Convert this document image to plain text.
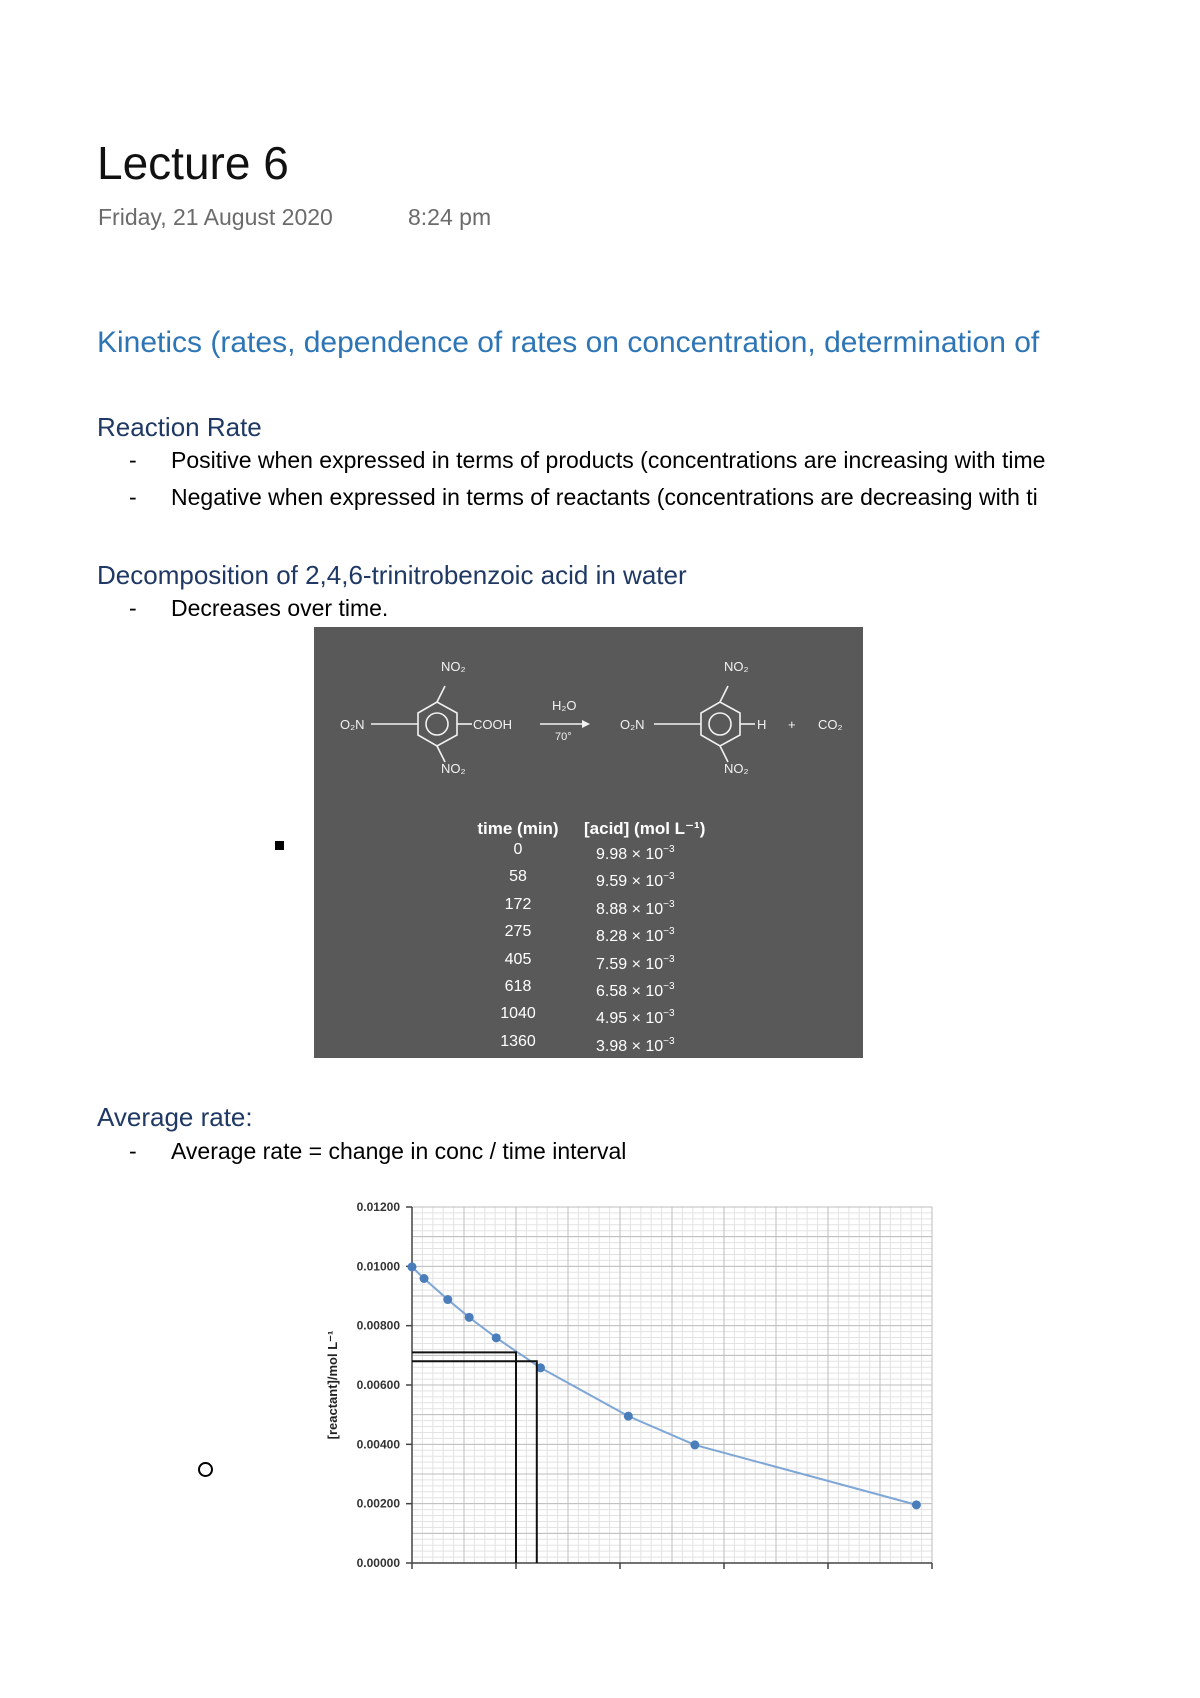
Lecture 6
Friday, 21 August 2020	8:24 pm
Kinetics (rates, dependence of rates on concentration, determination of
Reaction Rate
- Positive when expressed in terms of products (concentrations are increasing with time
- Negative when expressed in terms of reactants (concentrations are decreasing with ti
Decomposition of 2,4,6-trinitrobenzoic acid in water
- Decreases over time.
O₂N
NO₂
NO₂
COOH
H₂O
70°
O₂N
NO₂
NO₂
H + CO₂
time (min)	[acid] (mol L⁻¹)
0	$9.98 \times 10^{-3}$
58	$9.59 \times 10^{-3}$
172	$8.88 \times 10^{-3}$
275	$8.28 \times 10^{-3}$
405	$7.59 \times 10^{-3}$
618	$6.58 \times 10^{-3}$
1040	$4.95 \times 10^{-3}$
1360	$3.98 \times 10^{-3}$
2425	$1.96 \times 10^{-3}$
Average rate:
- Average rate = change in conc / time interval
[reactant]/mol L⁻¹
0.00000
0.00200
0.00400
0.00600
0.00800
0.01000
0.01200
